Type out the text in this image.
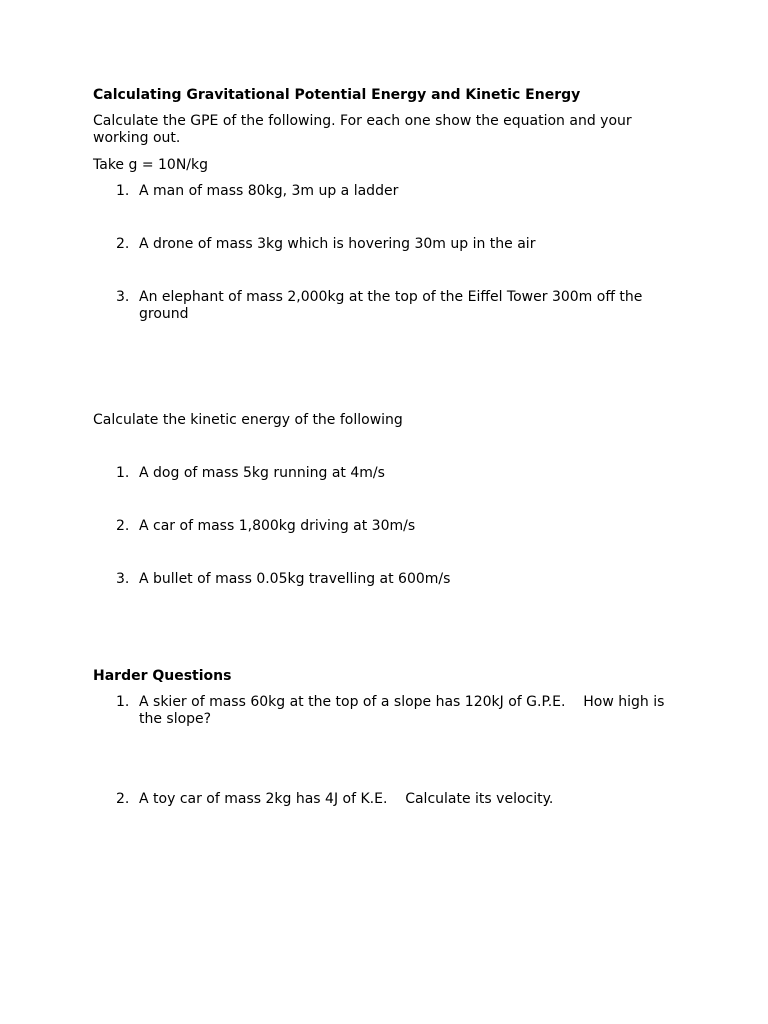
Calculating Gravitational Potential Energy and Kinetic Energy
Calculate the GPE of the following. For each one show the equation and your working out.
Take g = 10N/kg
1. A man of mass 80kg, 3m up a ladder
2. A drone of mass 3kg which is hovering 30m up in the air
3. An elephant of mass 2,000kg at the top of the Eiffel Tower 300m off the ground
Calculate the kinetic energy of the following
1. A dog of mass 5kg running at 4m/s
2. A car of mass 1,800kg driving at 30m/s
3. A bullet of mass 0.05kg travelling at 600m/s
Harder Questions
1. A skier of mass 60kg at the top of a slope has 120kJ of G.P.E.    How high is the slope?
2. A toy car of mass 2kg has 4J of K.E.    Calculate its velocity.
